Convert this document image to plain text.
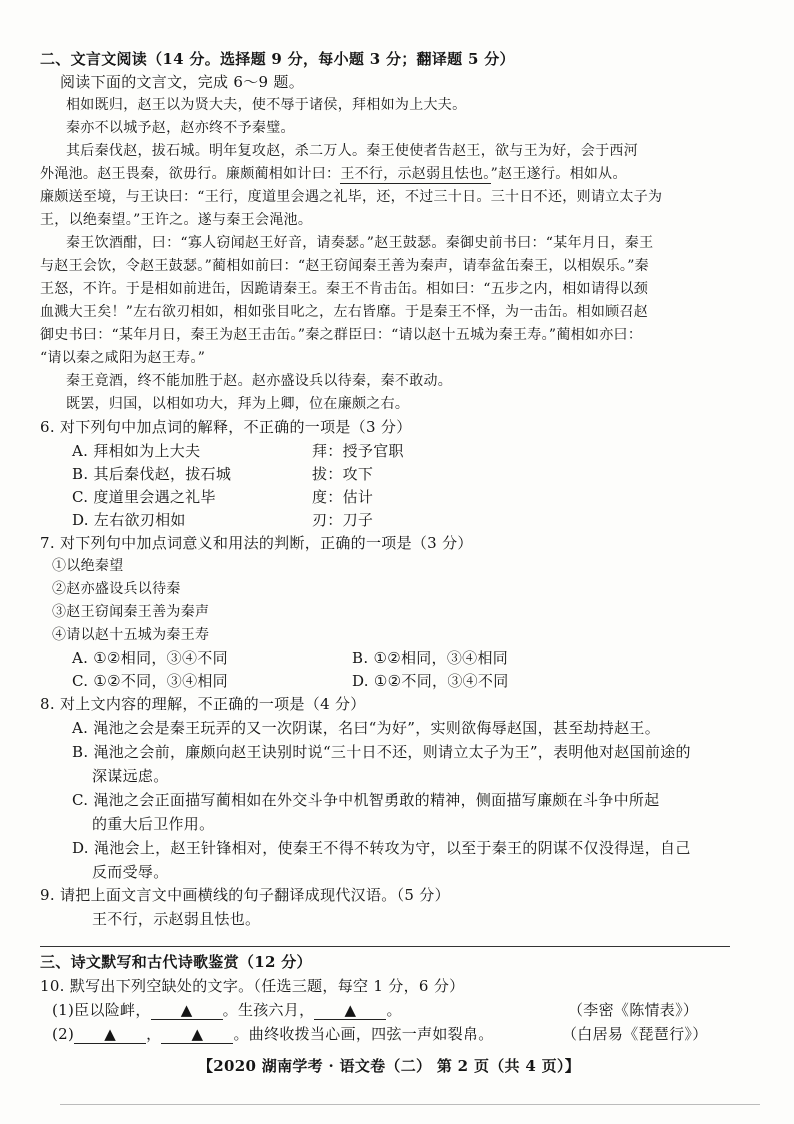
二、文言文阅读（14 分。选择题 9 分，每小题 3 分；翻译题 5 分）
阅读下面的文言文，完成 6～9 题。
相如既归，赵王以为贤大夫，使不辱于诸侯，拜相如为上大夫。
秦亦不以城予赵，赵亦终不予秦璧。
其后秦伐赵，拔石城。明年复攻赵，杀二万人。秦王使使者告赵王，欲与王为好，会于西河
外渑池。赵王畏秦，欲毋行。廉颇蔺相如计曰：王不行，示赵弱且怯也。”赵王遂行。相如从。
廉颇送至境，与王诀曰：“王行，度道里会遇之礼毕，还，不过三十日。三十日不还，则请立太子为
王，以绝秦望。”王许之。遂与秦王会渑池。
秦王饮酒酣，曰：“寡人窃闻赵王好音，请奏瑟。”赵王鼓瑟。秦御史前书曰：“某年月日，秦王
与赵王会饮，令赵王鼓瑟。”蔺相如前曰：“赵王窃闻秦王善为秦声，请奉盆缶秦王，以相娱乐。”秦
王怒，不许。于是相如前进缶，因跪请秦王。秦王不肯击缶。相如曰：“五步之内，相如请得以颈
血溅大王矣！”左右欲刃相如，相如张目叱之，左右皆靡。于是秦王不怿，为一击缶。相如顾召赵
御史书曰：“某年月日，秦王为赵王击缶。”秦之群臣曰：“请以赵十五城为秦王寿。”蔺相如亦曰：
“请以秦之咸阳为赵王寿。”
秦王竟酒，终不能加胜于赵。赵亦盛设兵以待秦，秦不敢动。
既罢，归国，以相如功大，拜为上卿，位在廉颇之右。
6. 对下列句中加点词的解释，不正确的一项是（3 分）
A. 拜相如为上大夫	拜：授予官职
B. 其后秦伐赵，拔石城	拔：攻下
C. 度道里会遇之礼毕	度：估计
D. 左右欲刃相如	刃：刀子
7. 对下列句中加点词意义和用法的判断，正确的一项是（3 分）
①以绝秦望
②赵亦盛设兵以待秦
③赵王窃闻秦王善为秦声
④请以赵十五城为秦王寿
A. ①②相同，③④不同	B. ①②相同，③④相同
C. ①②不同，③④相同	D. ①②不同，③④不同
8. 对上文内容的理解，不正确的一项是（4 分）
A. 渑池之会是秦王玩弄的又一次阴谋，名曰“为好”，实则欲侮辱赵国，甚至劫持赵王。
B. 渑池之会前，廉颇向赵王诀别时说“三十日不还，则请立太子为王”，表明他对赵国前途的
深谋远虑。
C. 渑池之会正面描写蔺相如在外交斗争中机智勇敢的精神，侧面描写廉颇在斗争中所起
的重大后卫作用。
D. 渑池会上，赵王针锋相对，使秦王不得不转攻为守，以至于秦王的阴谋不仅没得逞，自己
反而受辱。
9. 请把上面文言文中画横线的句子翻译成现代汉语。（5 分）
王不行，示赵弱且怯也。
三、诗文默写和古代诗歌鉴赏（12 分）
10. 默写出下列空缺处的文字。（任选三题，每空 1 分，6 分）
(1)臣以险衅， ▲ 。生孩六月， ▲ 。	（李密《陈情表》）
(2) ▲ ， ▲ 。曲终收拨当心画，四弦一声如裂帛。	（白居易《琵琶行》）
【2020 湖南学考 · 语文卷（二） 第 2 页（共 4 页）】
